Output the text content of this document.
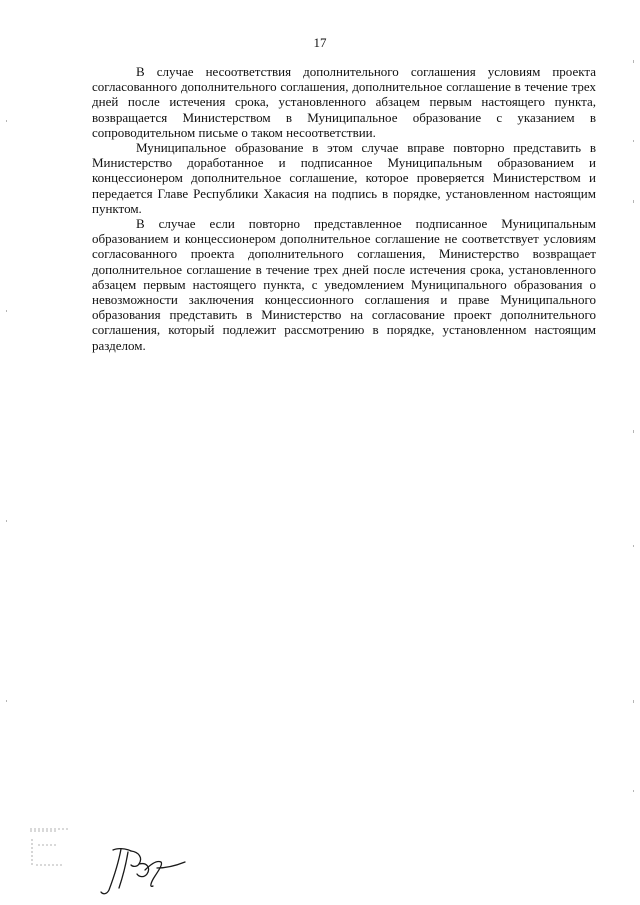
17

В случае несоответствия дополнительного соглашения условиям проекта согласованного дополнительного соглашения, дополнительное соглашение в течение трех дней после истечения срока, установленного абзацем первым настоящего пункта, возвращается Министерством в Муниципальное образование с указанием в сопроводительном письме о таком несоответствии.

Муниципальное образование в этом случае вправе повторно представить в Министерство доработанное и подписанное Муниципальным образованием и концессионером дополнительное соглашение, которое проверяется Министерством и передается Главе Республики Хакасия на подпись в порядке, установленном настоящим пунктом.

В случае если повторно представленное подписанное Муниципальным образованием и концессионером дополнительное соглашение не соответствует условиям согласованного проекта дополнительного соглашения, Министерство возвращает дополнительное соглашение в течение трех дней после истечения срока, установленного абзацем первым настоящего пункта, с уведомлением Муниципального образования о невозможности заключения концессионного соглашения и праве Муниципального образования представить в Министерство на согласование проект дополнительного соглашения, который подлежит рассмотрению в порядке, установленном настоящим разделом.
